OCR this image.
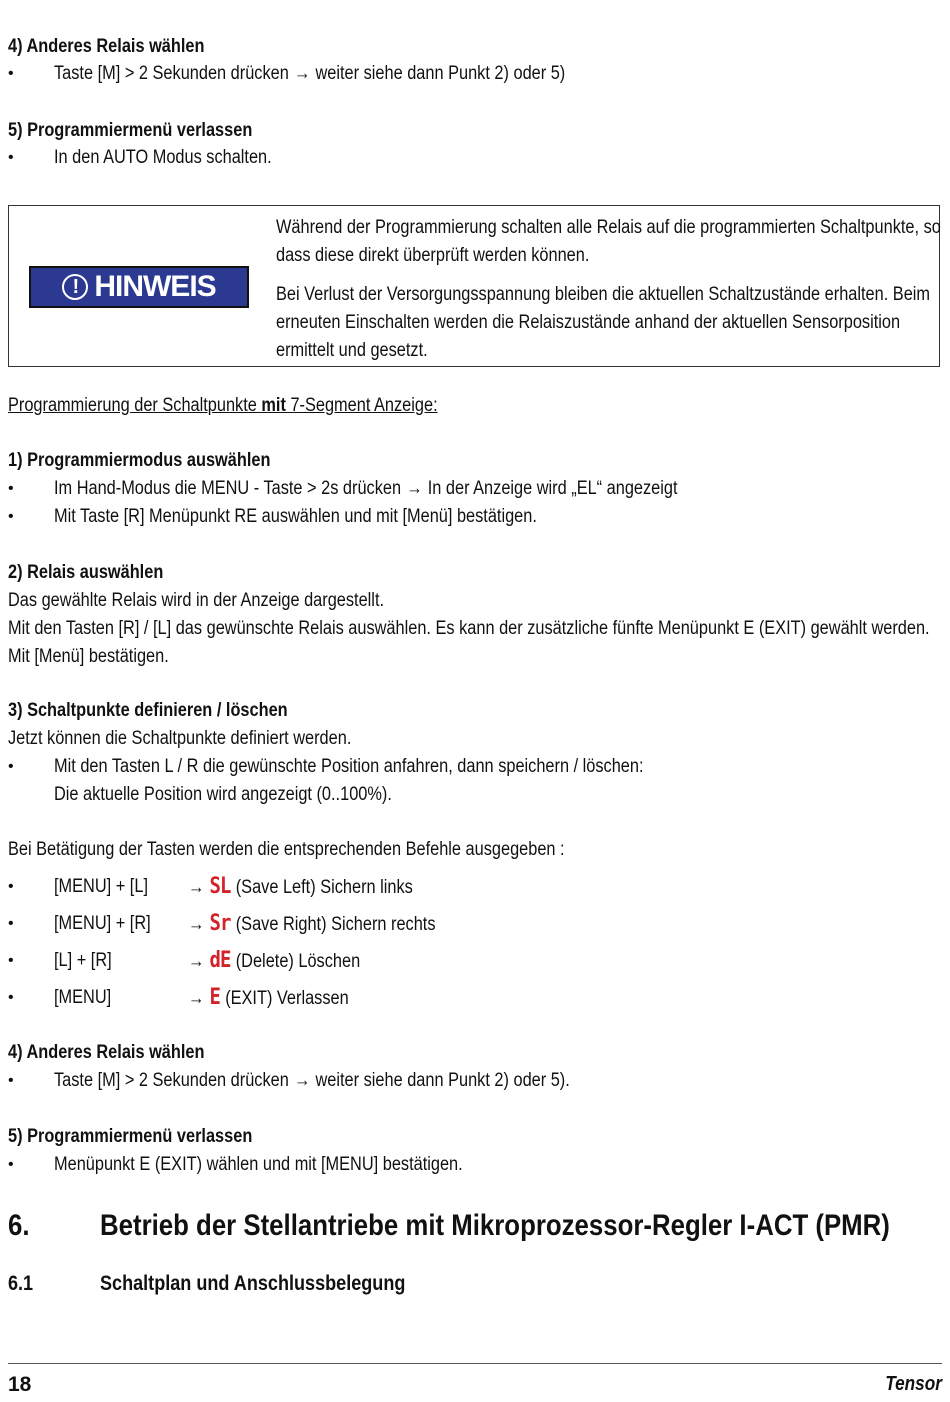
4) Anderes Relais wählen
• Taste [M] > 2 Sekunden drücken → weiter siehe dann Punkt 2) oder 5)
5) Programmiermenü verlassen
• In den AUTO Modus schalten.
! HINWEIS
Während der Programmierung schalten alle Relais auf die programmierten Schaltpunkte, so
dass diese direkt überprüft werden können.
Bei Verlust der Versorgungsspannung bleiben die aktuellen Schaltzustände erhalten. Beim
erneuten Einschalten werden die Relaiszustände anhand der aktuellen Sensorposition
ermittelt und gesetzt.
Programmierung der Schaltpunkte mit 7-Segment Anzeige:
1) Programmiermodus auswählen
• Im Hand-Modus die MENU - Taste > 2s drücken → In der Anzeige wird „EL“ angezeigt
• Mit Taste [R] Menüpunkt RE auswählen und mit [Menü] bestätigen.
2) Relais auswählen
Das gewählte Relais wird in der Anzeige dargestellt.
Mit den Tasten [R] / [L] das gewünschte Relais auswählen. Es kann der zusätzliche fünfte Menüpunkt E (EXIT) gewählt werden.
Mit [Menü] bestätigen.
3) Schaltpunkte definieren / löschen
Jetzt können die Schaltpunkte definiert werden.
• Mit den Tasten L / R die gewünschte Position anfahren, dann speichern / löschen:
Die aktuelle Position wird angezeigt (0..100%).
Bei Betätigung der Tasten werden die entsprechenden Befehle ausgegeben :
• [MENU] + [L] → SL (Save Left) Sichern links
• [MENU] + [R] → Sr (Save Right) Sichern rechts
• [L] + [R]	→ dE (Delete) Löschen
• [MENU]	→ E (EXIT) Verlassen
4) Anderes Relais wählen
• Taste [M] > 2 Sekunden drücken → weiter siehe dann Punkt 2) oder 5).
5) Programmiermenü verlassen
• Menüpunkt E (EXIT) wählen und mit [MENU] bestätigen.
6. Betrieb der Stellantriebe mit Mikroprozessor-Regler I-ACT (PMR)
6.1	Schaltplan und Anschlussbelegung
18	Tensor
